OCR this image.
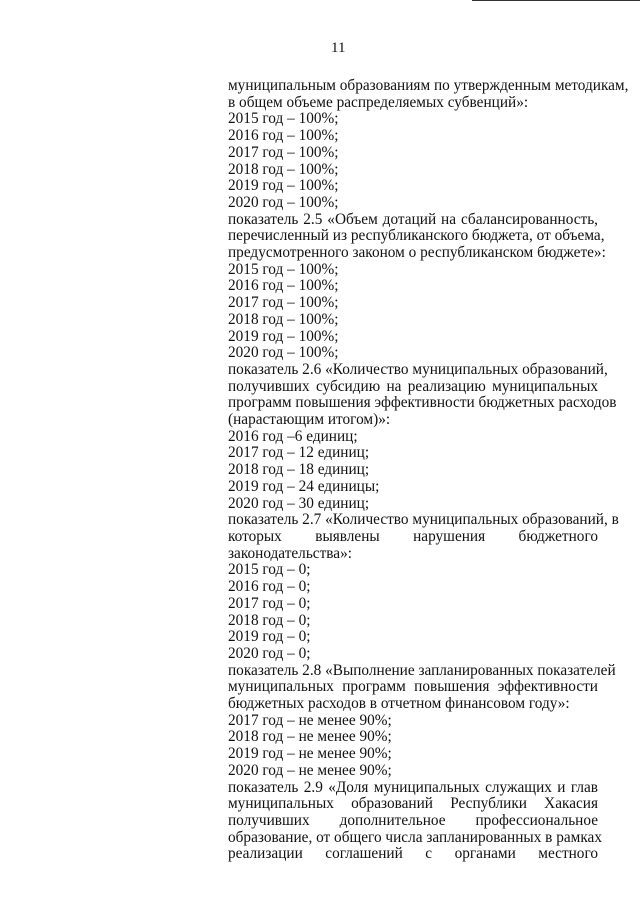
11
муниципальным образованиям по утвержденным методикам,
в общем объеме распределяемых субвенций»:
2015 год – 100%;
2016 год – 100%;
2017 год – 100%;
2018 год – 100%;
2019 год – 100%;
2020 год – 100%;
показатель 2.5 «Объем дотаций на сбалансированность,
перечисленный из республиканского бюджета, от объема,
предусмотренного законом о республиканском бюджете»:
2015 год – 100%;
2016 год – 100%;
2017 год – 100%;
2018 год – 100%;
2019 год – 100%;
2020 год – 100%;
показатель 2.6 «Количество муниципальных образований,
получивших субсидию на реализацию муниципальных
программ повышения эффективности бюджетных расходов
(нарастающим итогом)»:
2016 год –6 единиц;
2017 год – 12 единиц;
2018 год – 18 единиц;
2019 год – 24 единицы;
2020 год – 30 единиц;
показатель 2.7 «Количество муниципальных образований, в
которых выявлены нарушения бюджетного
законодательства»:
2015 год – 0;
2016 год – 0;
2017 год – 0;
2018 год – 0;
2019 год – 0;
2020 год – 0;
показатель 2.8 «Выполнение запланированных показателей
муниципальных программ повышения эффективности
бюджетных расходов в отчетном финансовом году»:
2017 год – не менее 90%;
2018 год – не менее 90%;
2019 год – не менее 90%;
2020 год – не менее 90%;
показатель 2.9 «Доля муниципальных служащих и глав
муниципальных образований Республики Хакасия
получивших дополнительное профессиональное
образование, от общего числа запланированных в рамках
реализации соглашений с органами местного
